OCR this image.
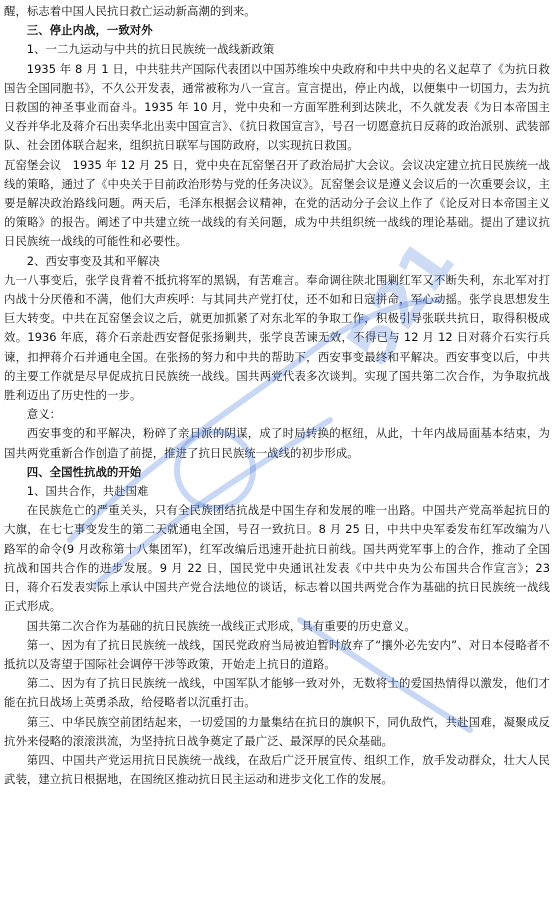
醒，标志着中国人民抗日救亡运动新高潮的到来。

三、停止内战，一致对外

1、一二九运动与中共的抗日民族统一战线新政策

1935 年 8 月 1 日，中共驻共产国际代表团以中国苏维埃中央政府和中共中央的名义起草了《为抗日救国告全国同胞书》，不久公开发表，通常被称为八一宣言。宣言提出，停止内战，以便集中一切国力，去为抗日救国的神圣事业而奋斗。1935 年 10 月，党中央和一方面军胜利到达陕北，不久就发表《为日本帝国主义吞并华北及蒋介石出卖华北出卖中国宣言》、《抗日救国宣言》，号召一切愿意抗日反蒋的政治派别、武装部队、社会团体联合起来，组织抗日联军与国防政府，以实现抗日救国。

瓦窑堡会议　1935 年 12 月 25 日，党中央在瓦窑堡召开了政治局扩大会议。会议决定建立抗日民族统一战线的策略，通过了《中央关于目前政治形势与党的任务决议》。瓦窑堡会议是遵义会议后的一次重要会议，主要是解决政治路线问题。两天后，毛泽东根据会议精神，在党的活动分子会议上作了《论反对日本帝国主义的策略》的报告。阐述了中共建立统一战线的有关问题，成为中共组织统一战线的理论基础。提出了建议抗日民族统一战线的可能性和必要性。

2、西安事变及其和平解决

九一八事变后，张学良背着不抵抗将军的黑锅，有苦难言。奉命调往陕北围剿红军又不断失利，东北军对打内战十分厌倦和不满，他们大声疾呼：与其同共产党打仗，还不如和日寇拼命，军心动摇。张学良思想发生巨大转变。中共在瓦窑堡会议之后，就更加抓紧了对东北军的争取工作，积极引导张联共抗日，取得积极成效。1936 年底，蒋介石亲赴西安督促张扬剿共，张学良苦谏无效，不得已与 12 月 12 日对蒋介石实行兵谏，扣押蒋介石并通电全国。在张扬的努力和中共的帮助下，西安事变最终和平解决。西安事变以后，中共的主要工作就是尽早促成抗日民族统一战线。国共两党代表多次谈判。实现了国共第二次合作，为争取抗战胜利迈出了历史性的一步。

意义：

西安事变的和平解决，粉碎了亲日派的阴谋，成了时局转换的枢纽，从此，十年内战局面基本结束，为国共两党重新合作创造了前提，推进了抗日民族统一战线的初步形成。

四、全国性抗战的开始

1、国共合作，共赴国难

在民族危亡的严重关头，只有全民族团结抗战是中国生存和发展的唯一出路。中国共产党高举起抗日的大旗，在七七事变发生的第二天就通电全国，号召一致抗日。8 月 25 日，中共中央军委发布红军改编为八路军的命令(9 月改称第十八集团军)，红军改编后迅速开赴抗日前线。国共两党军事上的合作，推动了全国抗战和国共合作的进步发展。9 月 22 日，国民党中央通讯社发表《中共中央为公布国共合作宣言》；23 日，蒋介石发表实际上承认中国共产党合法地位的谈话，标志着以国共两党合作为基础的抗日民族统一战线正式形成。

国共第二次合作为基础的抗日民族统一战线正式形成，具有重要的历史意义。

第一、因为有了抗日民族统一战线，国民党政府当局被迫暂时放弃了“攘外必先安内”、对日本侵略者不抵抗以及寄望于国际社会调停干涉等政策，开始走上抗日的道路。

第二、因为有了抗日民族统一战线，中国军队才能够一致对外，无数将士的爱国热情得以激发，他们才能在抗日战场上英勇杀敌，给侵略者以沉重打击。

第三、中华民族空前团结起来，一切爱国的力量集结在抗日的旗帜下，同仇敌忾，共赴国难，凝聚成反抗外来侵略的滚滚洪流，为坚持抗日战争奠定了最广泛、最深厚的民众基础。

第四、中国共产党运用抗日民族统一战线，在敌后广泛开展宣传、组织工作，放手发动群众，壮大人民武装，建立抗日根据地，在国统区推动抗日民主运动和进步文化工作的发展。

521
